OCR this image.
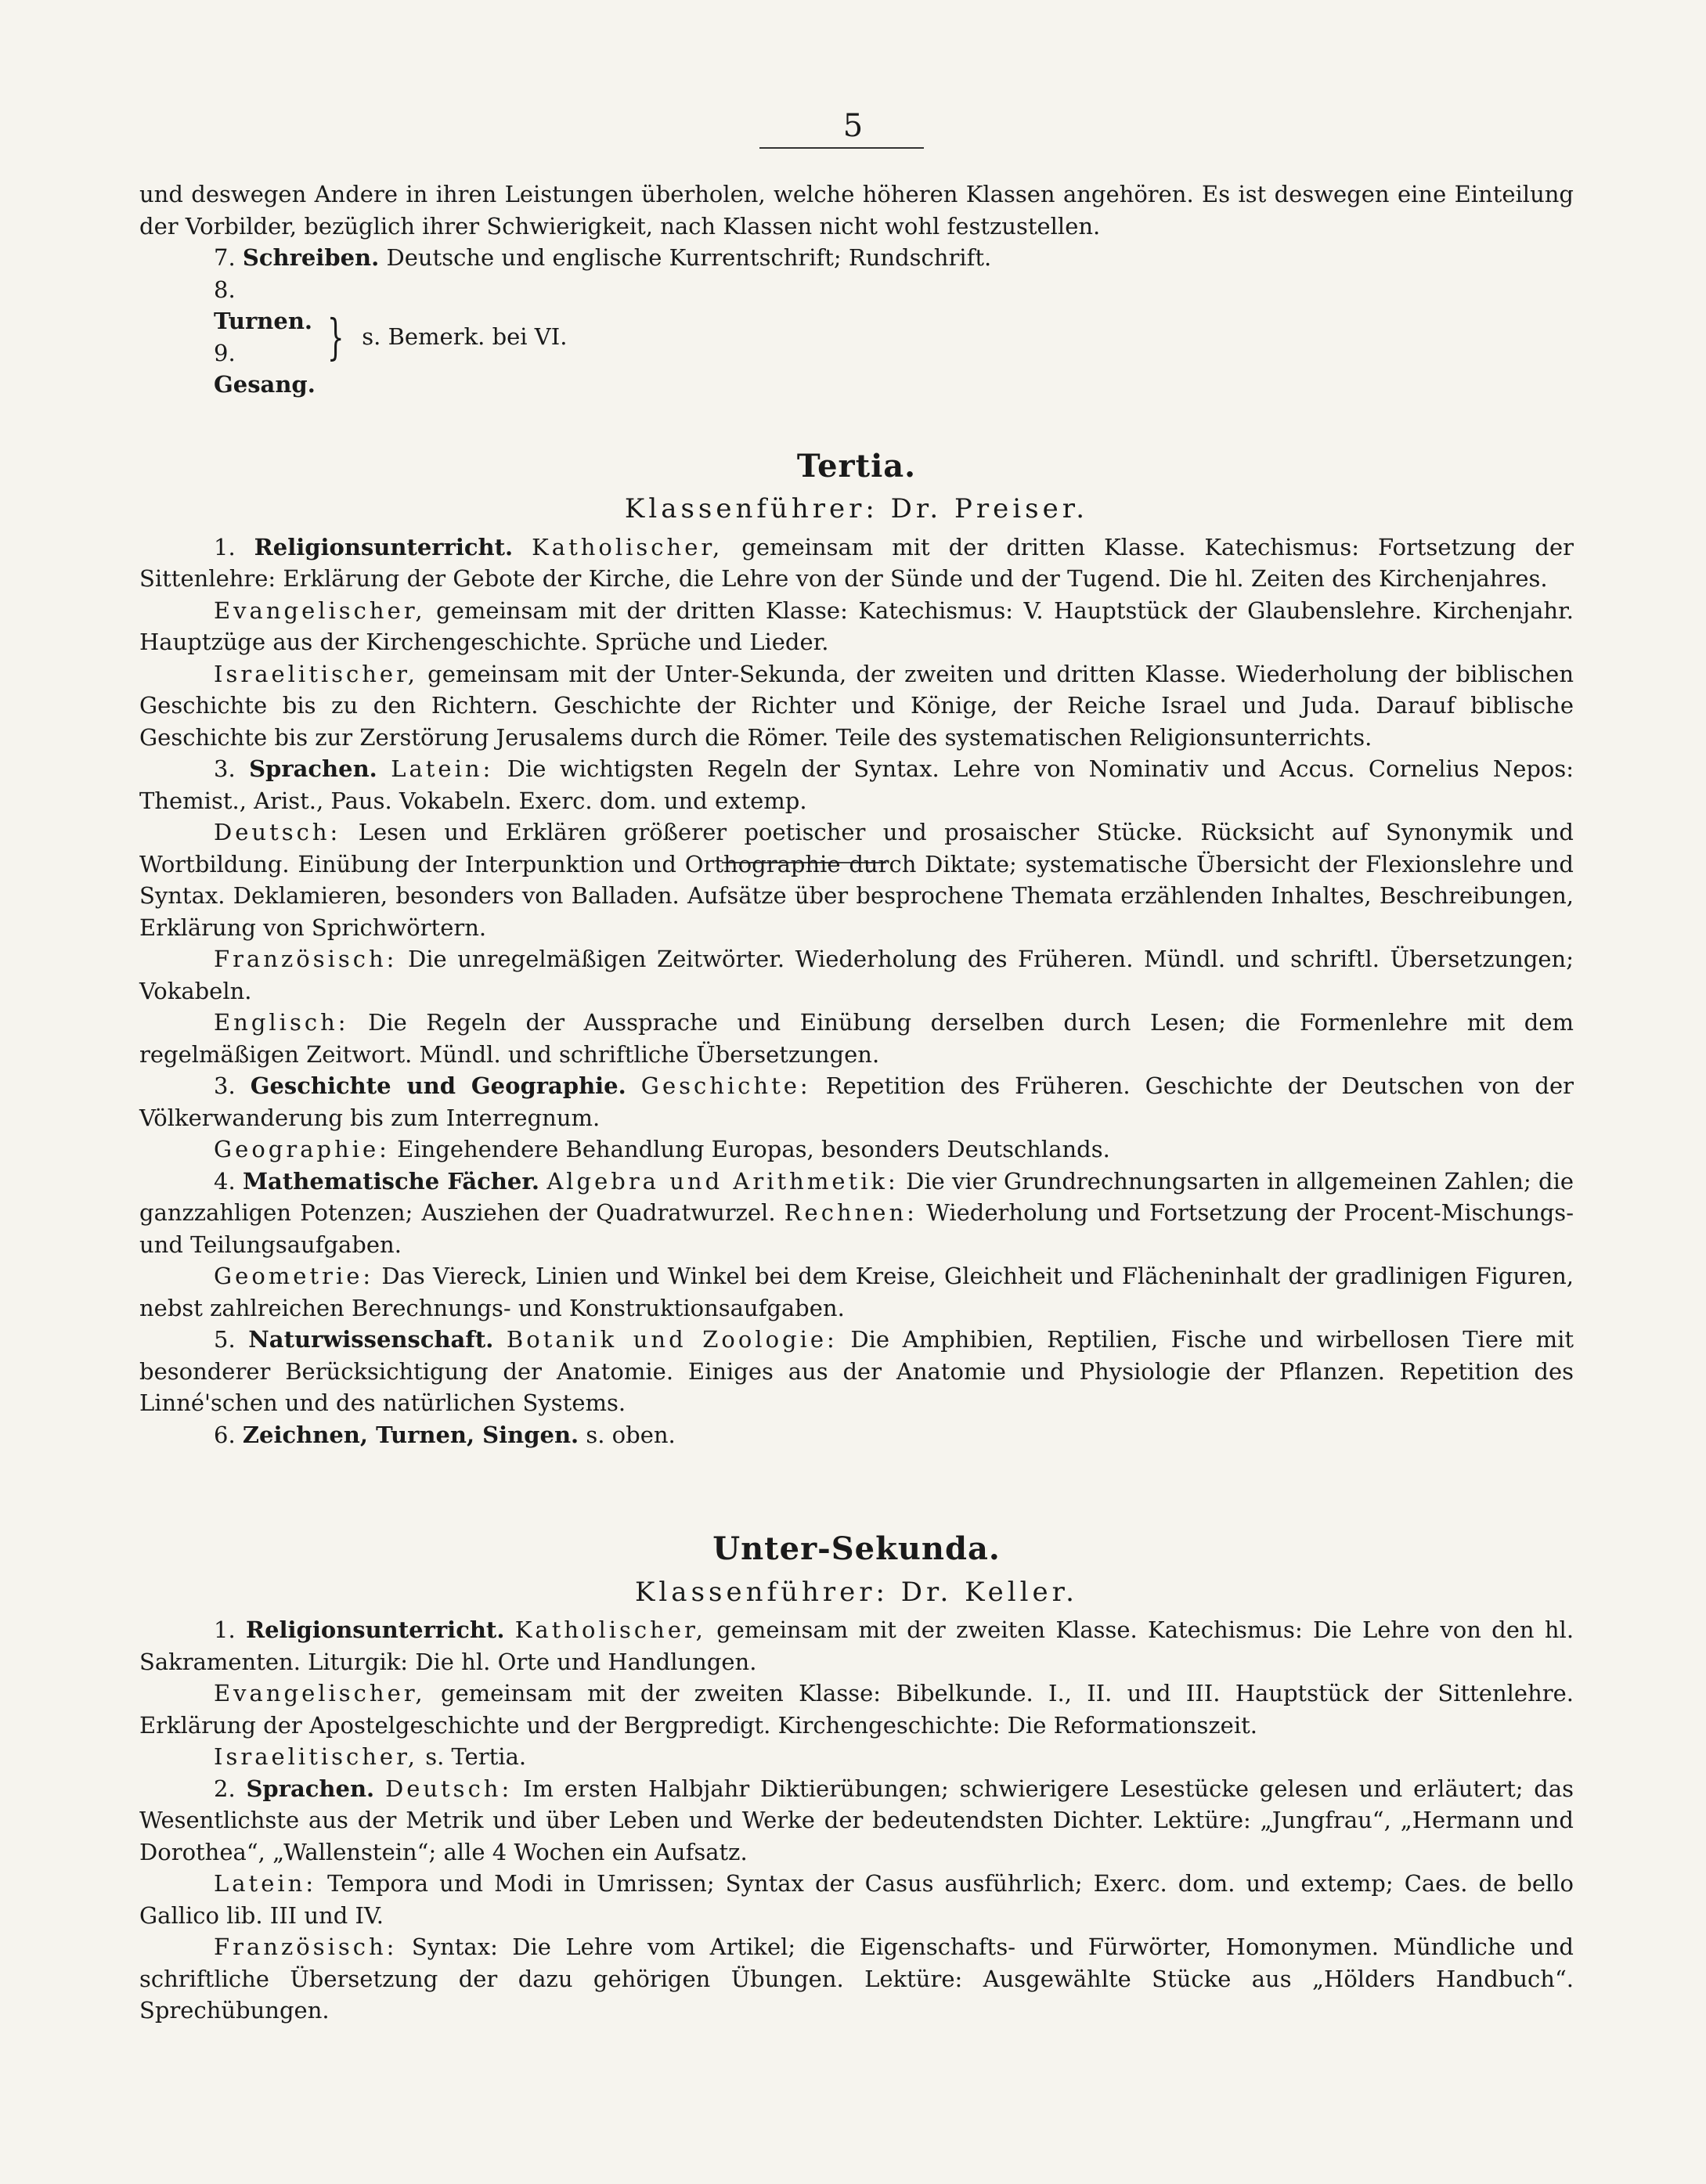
5

und deswegen Andere in ihren Leistungen überholen, welche höheren Klassen angehören. Es ist deswegen eine Einteilung der Vorbilder, bezüglich ihrer Schwierigkeit, nach Klassen nicht wohl festzustellen.

7. Schreiben. Deutsche und englische Kurrentschrift; Rundschrift.

8.
Turnen.
9.
Gesang.
} s. Bemerk. bei VI.

Tertia.

Klassenführer: Dr. Preiser.

1. Religionsunterricht. Katholischer, gemeinsam mit der dritten Klasse. Katechismus: Fortsetzung der Sittenlehre: Erklärung der Gebote der Kirche, die Lehre von der Sünde und der Tugend. Die hl. Zeiten des Kirchenjahres.

Evangelischer, gemeinsam mit der dritten Klasse: Katechismus: V. Hauptstück der Glaubenslehre. Kirchenjahr. Hauptzüge aus der Kirchengeschichte. Sprüche und Lieder.

Israelitischer, gemeinsam mit der Unter-Sekunda, der zweiten und dritten Klasse. Wiederholung der biblischen Geschichte bis zu den Richtern. Geschichte der Richter und Könige, der Reiche Israel und Juda. Darauf biblische Geschichte bis zur Zerstörung Jerusalems durch die Römer. Teile des systematischen Religionsunterrichts.

3. Sprachen. Latein: Die wichtigsten Regeln der Syntax. Lehre von Nominativ und Accus. Cornelius Nepos: Themist., Arist., Paus. Vokabeln. Exerc. dom. und extemp.

Deutsch: Lesen und Erklären größerer poetischer und prosaischer Stücke. Rücksicht auf Synonymik und Wortbildung. Einübung der Interpunktion und Orthographie durch Diktate; systematische Übersicht der Flexionslehre und Syntax. Deklamieren, besonders von Balladen. Aufsätze über besprochene Themata erzählenden Inhaltes, Beschreibungen, Erklärung von Sprichwörtern.

Französisch: Die unregelmäßigen Zeitwörter. Wiederholung des Früheren. Mündl. und schriftl. Übersetzungen; Vokabeln.

Englisch: Die Regeln der Aussprache und Einübung derselben durch Lesen; die Formenlehre mit dem regelmäßigen Zeitwort. Mündl. und schriftliche Übersetzungen.

3. Geschichte und Geographie. Geschichte: Repetition des Früheren. Geschichte der Deutschen von der Völkerwanderung bis zum Interregnum.

Geographie: Eingehendere Behandlung Europas, besonders Deutschlands.

4. Mathematische Fächer. Algebra und Arithmetik: Die vier Grundrechnungsarten in allgemeinen Zahlen; die ganzzahligen Potenzen; Ausziehen der Quadratwurzel. Rechnen: Wiederholung und Fortsetzung der Procent-Mischungs- und Teilungsaufgaben.

Geometrie: Das Viereck, Linien und Winkel bei dem Kreise, Gleichheit und Flächeninhalt der gradlinigen Figuren, nebst zahlreichen Berechnungs- und Konstruktionsaufgaben.

5. Naturwissenschaft. Botanik und Zoologie: Die Amphibien, Reptilien, Fische und wirbellosen Tiere mit besonderer Berücksichtigung der Anatomie. Einiges aus der Anatomie und Physiologie der Pflanzen. Repetition des Linné'schen und des natürlichen Systems.

6. Zeichnen, Turnen, Singen. s. oben.

Unter-Sekunda.

Klassenführer: Dr. Keller.

1. Religionsunterricht. Katholischer, gemeinsam mit der zweiten Klasse. Katechismus: Die Lehre von den hl. Sakramenten. Liturgik: Die hl. Orte und Handlungen.

Evangelischer, gemeinsam mit der zweiten Klasse: Bibelkunde. I., II. und III. Hauptstück der Sittenlehre. Erklärung der Apostelgeschichte und der Bergpredigt. Kirchengeschichte: Die Reformationszeit.

Israelitischer, s. Tertia.

2. Sprachen. Deutsch: Im ersten Halbjahr Diktierübungen; schwierigere Lesestücke gelesen und erläutert; das Wesentlichste aus der Metrik und über Leben und Werke der bedeutendsten Dichter. Lektüre: „Jungfrau“, „Hermann und Dorothea“, „Wallenstein“; alle 4 Wochen ein Aufsatz.

Latein: Tempora und Modi in Umrissen; Syntax der Casus ausführlich; Exerc. dom. und extemp; Caes. de bello Gallico lib. III und IV.

Französisch: Syntax: Die Lehre vom Artikel; die Eigenschafts- und Fürwörter, Homonymen. Mündliche und schriftliche Übersetzung der dazu gehörigen Übungen. Lektüre: Ausgewählte Stücke aus „Hölders Handbuch“. Sprechübungen.
